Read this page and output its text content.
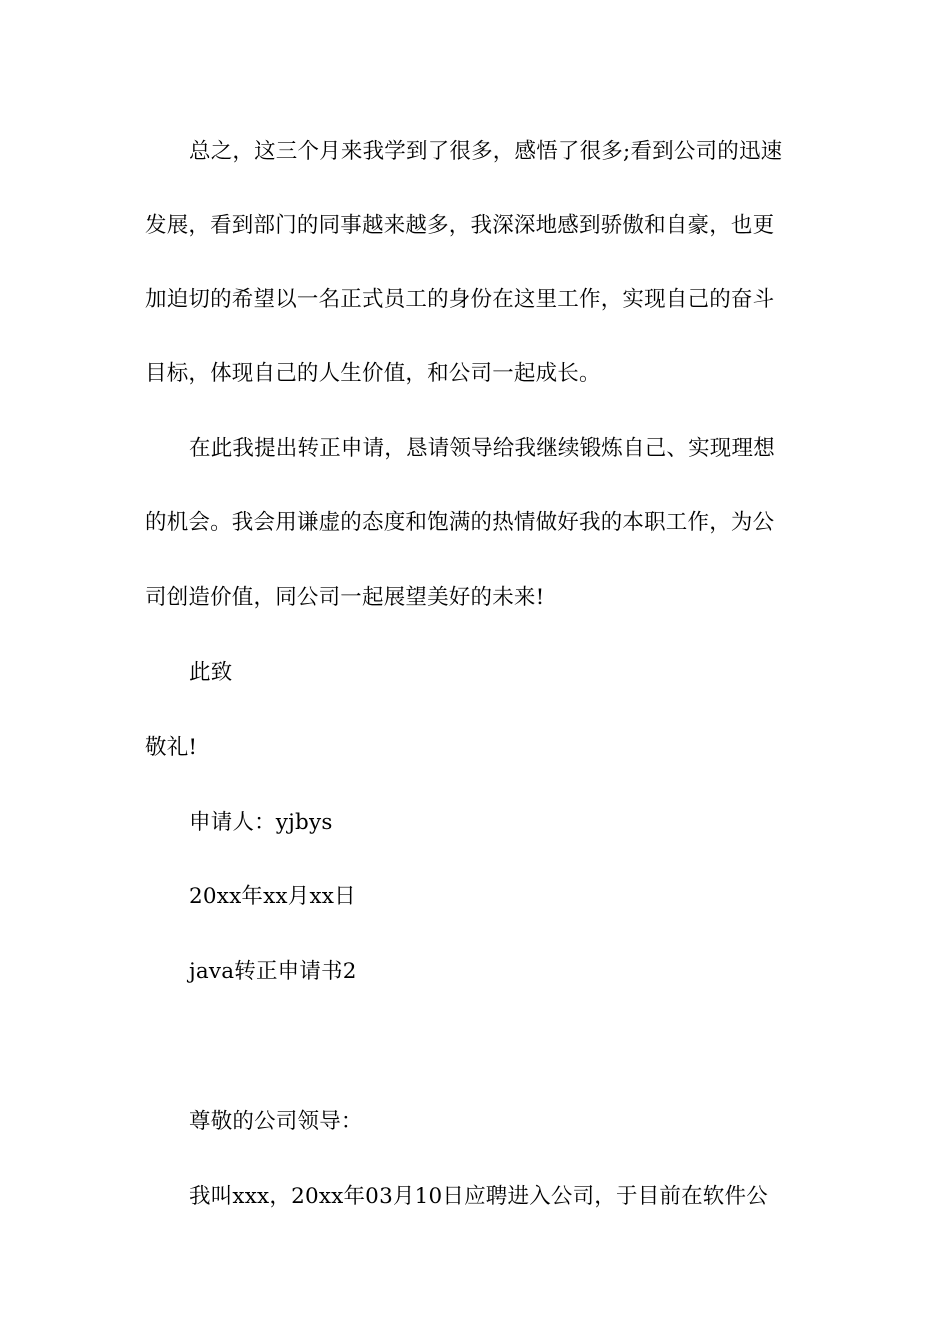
总之，这三个月来我学到了很多，感悟了很多;看到公司的迅速
发展，看到部门的同事越来越多，我深深地感到骄傲和自豪，也更
加迫切的希望以一名正式员工的身份在这里工作，实现自己的奋斗
目标，体现自己的人生价值，和公司一起成长。
在此我提出转正申请，恳请领导给我继续锻炼自己、实现理想
的机会。我会用谦虚的态度和饱满的热情做好我的本职工作，为公
司创造价值，同公司一起展望美好的未来!
此致
敬礼!
申请人：yjbys
20xx年xx月xx日
java转正申请书2
尊敬的公司领导：
我叫xxx，20xx年03月10日应聘进入公司，于目前在软件公
